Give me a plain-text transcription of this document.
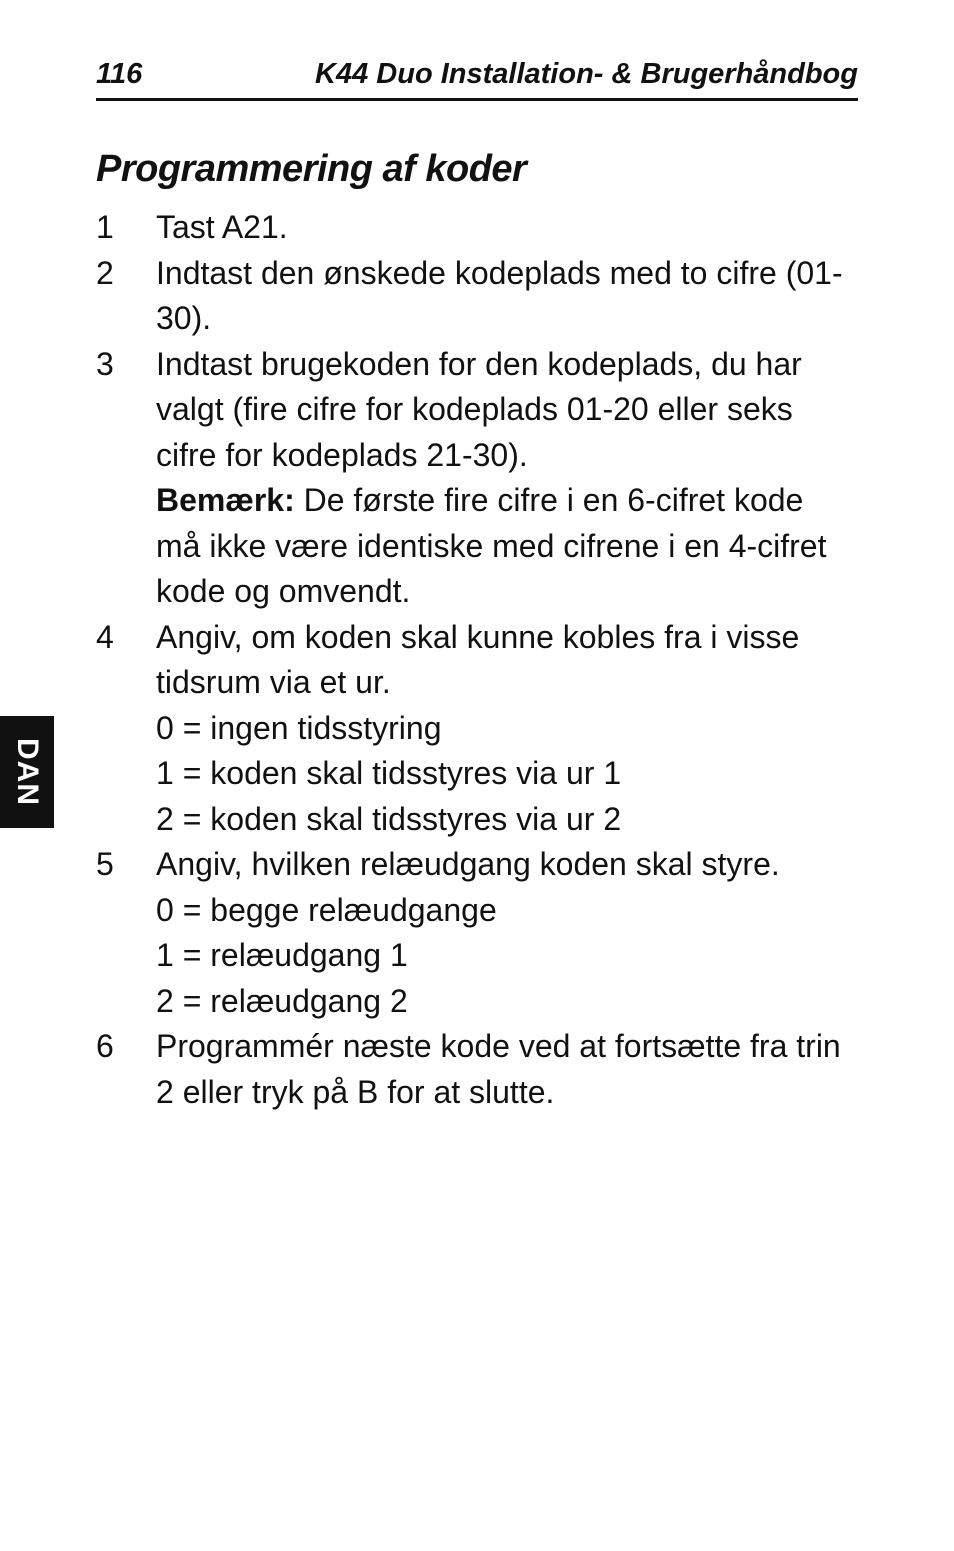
116	K44 Duo Installation- & Brugerhåndbog
Programmering af koder
1 Tast A21.
2 Indtast den ønskede kodeplads med to cifre (01-30).
3 Indtast brugekoden for den kodeplads, du har valgt (fire cifre for kodeplads 01-20 eller seks cifre for kodeplads 21-30).
Bemærk: De første fire cifre i en 6-cifret kode må ikke være identiske med cifrene i en 4-cifret kode og omvendt.
4 Angiv, om koden skal kunne kobles fra i visse tidsrum via et ur.
0 = ingen tidsstyring
1 = koden skal tidsstyres via ur 1
2 = koden skal tidsstyres via ur 2
5 Angiv, hvilken relæudgang koden skal styre.
0 = begge relæudgange
1 = relæudgang 1
2 = relæudgang 2
6 Programmér næste kode ved at fortsætte fra trin 2 eller tryk på B for at slutte.
DAN
